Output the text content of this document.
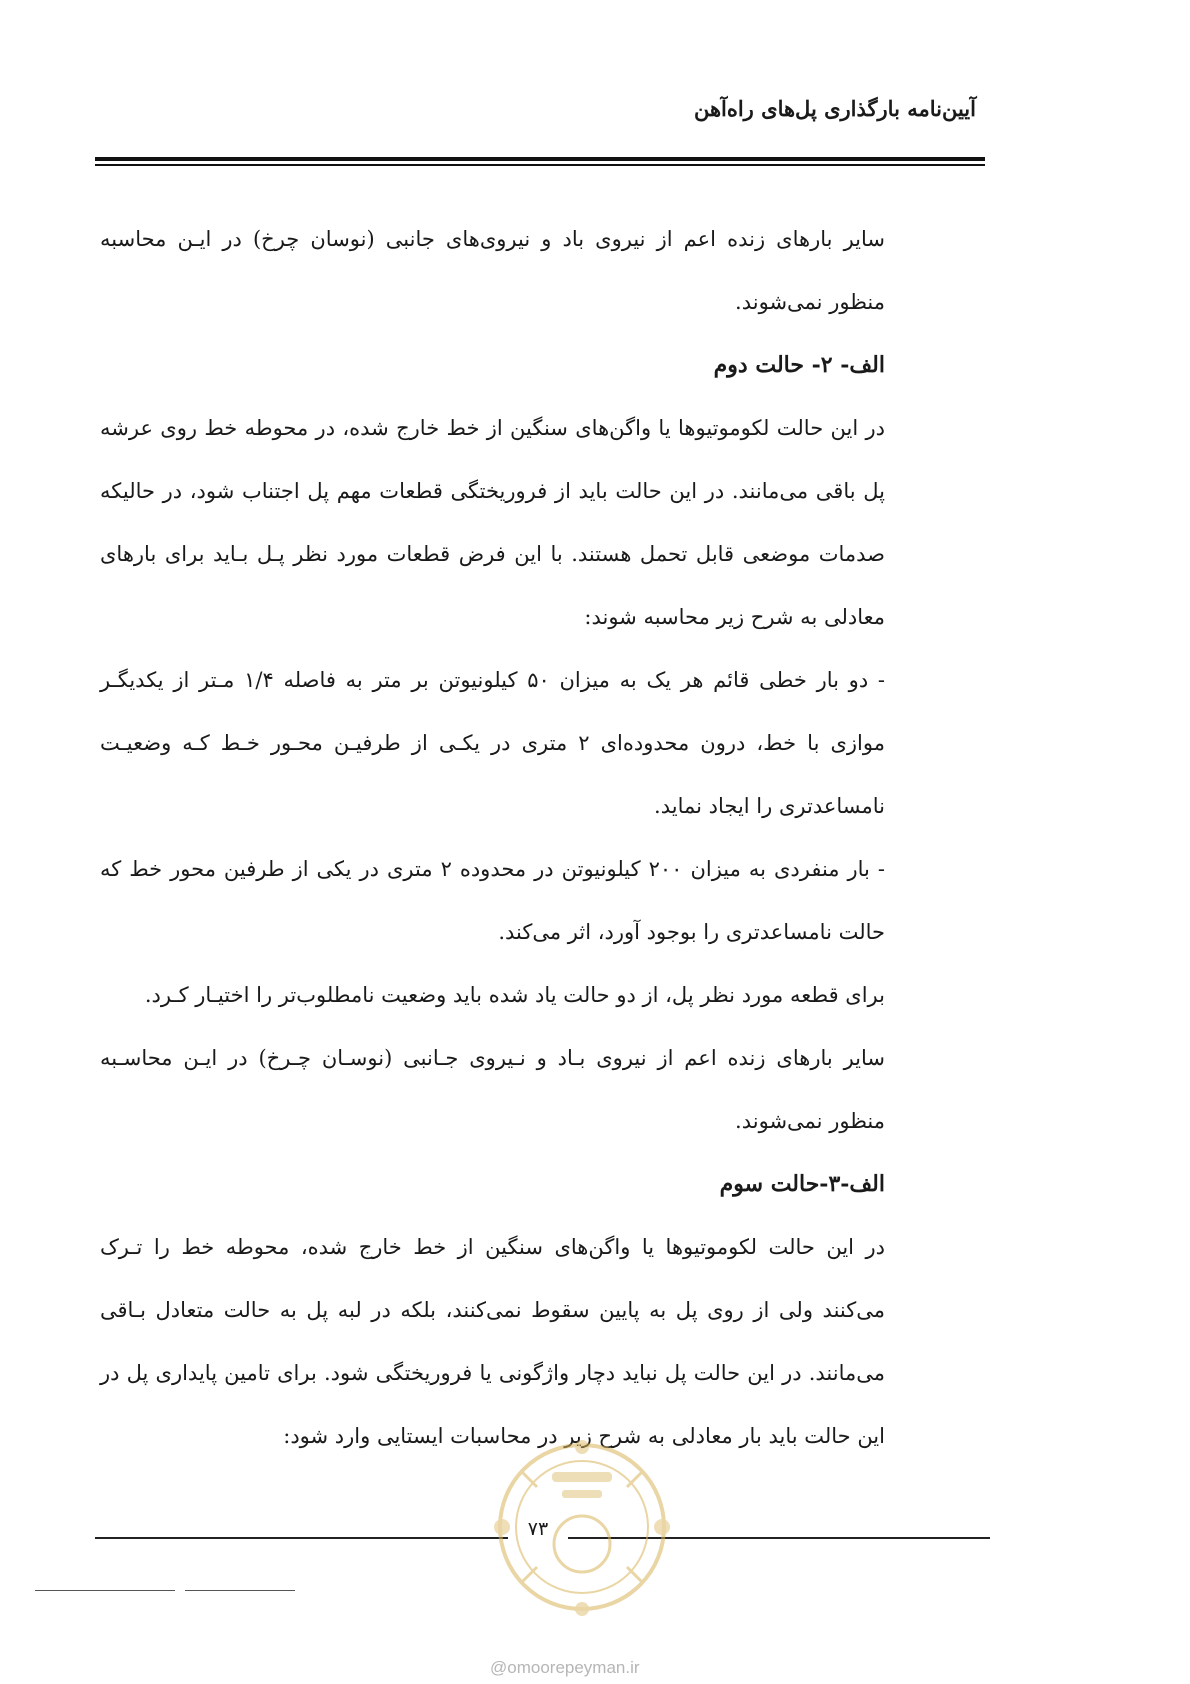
آیین‌نامه بارگذاری پل‌های راه‌آهن

سایر بارهای زنده اعم از نیروی باد و نیروی‌های جانبی (نوسان چرخ) در ایـن محاسبه منظور نمی‌شوند.

الف- ۲- حالت دوم

در این حالت لکوموتیوها یا واگن‌های سنگین از خط خارج شده، در محوطه خط روی عرشه پل باقی می‌مانند. در این حالت باید از فروریختگی قطعات مهم پل اجتناب شود، در حالیکه صدمات موضعی قابل تحمل هستند. با این فرض قطعات مورد نظر پـل بـاید برای بارهای معادلی به شرح زیر محاسبه شوند:

- دو بار خطی قائم هر یک به میزان ۵۰ کیلونیوتن بر متر به فاصله ۱/۴ مـتر از یکدیگـر موازی با خط، درون محدوده‌ای ۲ متری در یکـی از طرفیـن محـور خـط کـه وضعیـت نامساعدتری را ایجاد نماید.

- بار منفردی به میزان ۲۰۰ کیلونیوتن در محدوده ۲ متری در یکی از طرفین محور خط که حالت نامساعدتری را بوجود آورد، اثر می‌کند.

برای قطعه مورد نظر پل، از دو حالت یاد شده باید وضعیت نامطلوب‌تر را اختیـار کـرد.

سایر بارهای زنده اعم از نیروی بـاد و نـیروی جـانبی (نوسـان چـرخ) در ایـن محاسـبه منظور نمی‌شوند.

الف-۳-حالت سوم

در این حالت لکوموتیوها یا واگن‌های سنگین از خط خارج شده، محوطه خط را تـرک می‌کنند ولی از روی پل به پایین سقوط نمی‌کنند، بلکه در لبه پل به حالت متعادل بـاقی می‌مانند. در این حالت پل نباید دچار واژگونی یا فروریختگی شود. برای تامین پایداری پل در این حالت باید بار معادلی به شرح زیر در محاسبات ایستایی وارد شود:

۷۳
@omoorepeyman.ir
